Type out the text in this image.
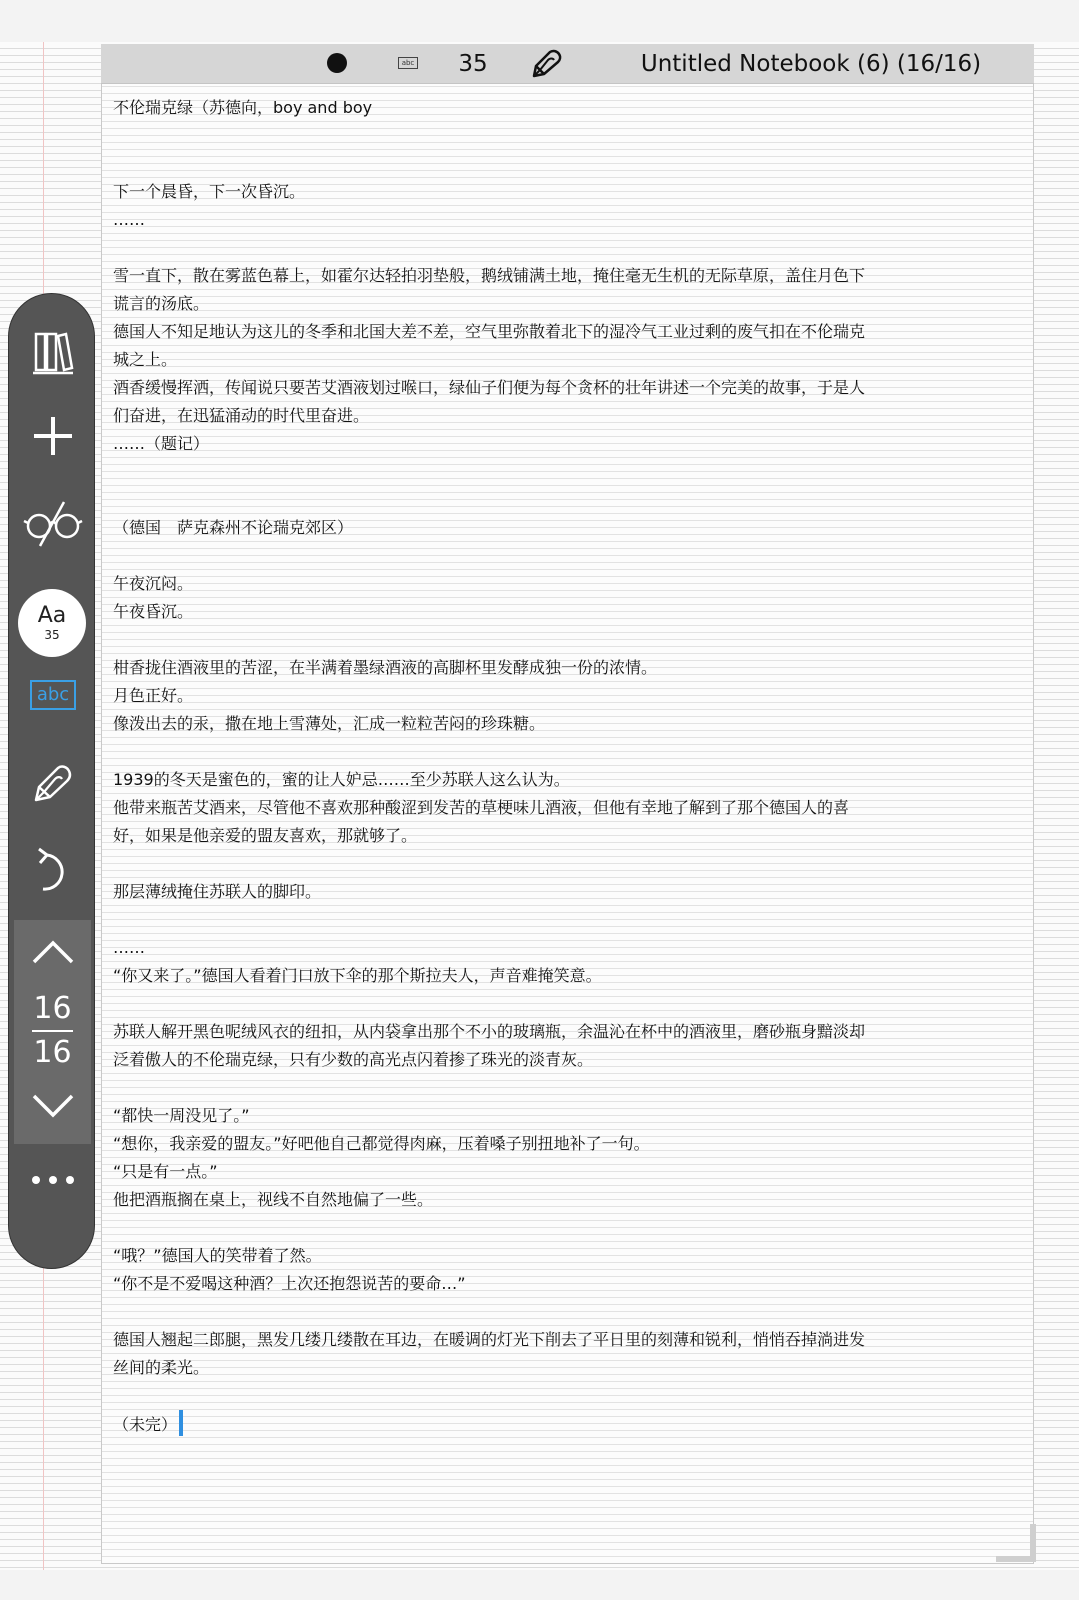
abc	35	Untitled Notebook (6) (16/16)
不伦瑞克绿（苏德向，boy and boy
下一个晨昏，下一次昏沉。
……
雪一直下，散在雾蓝色幕上，如霍尔达轻拍羽垫般，鹅绒铺满土地，掩住毫无生机的无际草原，盖住月色下
谎言的汤底。
德国人不知足地认为这儿的冬季和北国大差不差，空气里弥散着北下的湿冷气工业过剩的废气扣在不伦瑞克
城之上。
酒香缓慢挥洒，传闻说只要苦艾酒液划过喉口，绿仙子们便为每个贪杯的壮年讲述一个完美的故事，于是人
们奋进，在迅猛涌动的时代里奋进。
……（题记）
（德国　萨克森州不论瑞克郊区）
午夜沉闷。
午夜昏沉。
柑香拢住酒液里的苦涩，在半满着墨绿酒液的高脚杯里发酵成独一份的浓情。
月色正好。
像泼出去的汞，撒在地上雪薄处，汇成一粒粒苦闷的珍珠糖。
1939的冬天是蜜色的，蜜的让人妒忌……至少苏联人这么认为。
他带来瓶苦艾酒来，尽管他不喜欢那种酸涩到发苦的草梗味儿酒液，但他有幸地了解到了那个德国人的喜
好，如果是他亲爱的盟友喜欢，那就够了。
那层薄绒掩住苏联人的脚印。
……
“你又来了。”德国人看着门口放下伞的那个斯拉夫人，声音难掩笑意。
苏联人解开黑色呢绒风衣的纽扣，从内袋拿出那个不小的玻璃瓶，余温沁在杯中的酒液里，磨砂瓶身黯淡却
泛着傲人的不伦瑞克绿，只有少数的高光点闪着掺了珠光的淡青灰。
“都快一周没见了。”
“想你，我亲爱的盟友。”好吧他自己都觉得肉麻，压着嗓子别扭地补了一句。
“只是有一点。”
他把酒瓶搁在桌上，视线不自然地偏了一些。
“哦？”德国人的笑带着了然。
“你不是不爱喝这种酒？上次还抱怨说苦的要命…”
德国人翘起二郎腿，黑发几缕几缕散在耳边，在暖调的灯光下削去了平日里的刻薄和锐利，悄悄吞掉淌进发
丝间的柔光。
（未完）
Aa
35
abc
16
16
